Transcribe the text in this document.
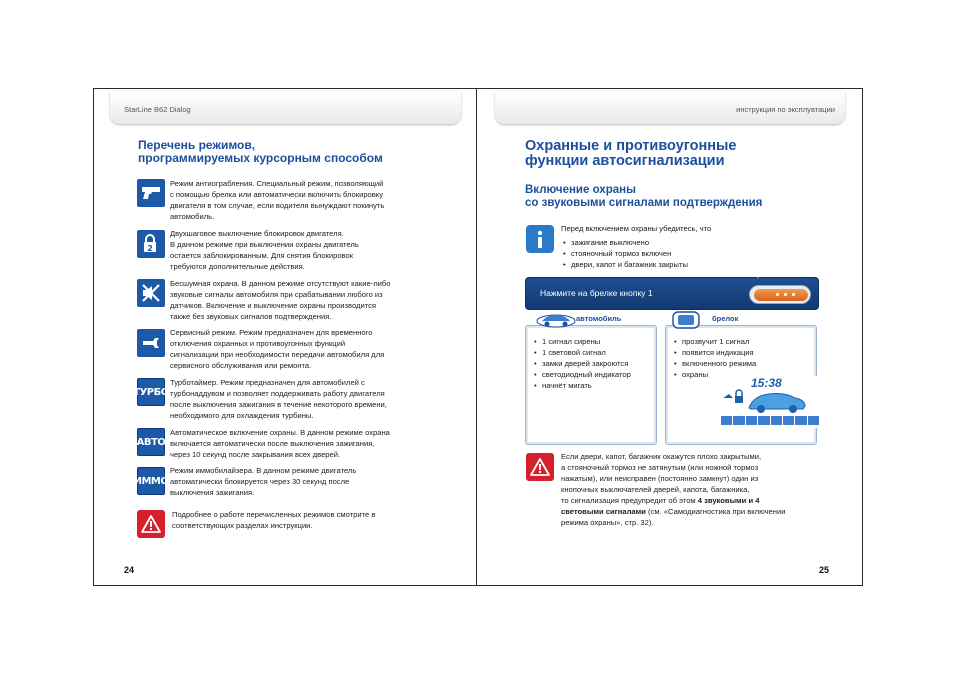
StarLine B62 Dialog	инструкция по эксплуатации
Перечень режимов,
программируемых курсорным способом
Режим антиограбления. Специальный режим, позволяющий
с помощью брелка или автоматически включить блокировку
двигателя в том случае, если водителя вынуждают покинуть
автомобиль.
2
Двухшаговое выключение блокировок двигателя.
В данном режиме при выключении охраны двигатель
остается заблокированным. Для снятия блокировок
требуются дополнительные действия.
Бесшумная охрана. В данном режиме отсутствуют какие-либо
звуковые сигналы автомобиля при срабатывании любого из
датчиков. Включение и выключение охраны производится
также без звуковых сигналов подтверждения.
Сервисный режим. Режим предназначен для временного
отключения охранных и противоугонных функций
сигнализации при необходимости передачи автомобиля для
сервисного обслуживания или ремонта.
ТУРБО
Турботаймер. Режим предназначен для автомобилей с
турбонаддувом и позволяет поддерживать работу двигателя
после выключения зажигания в течение некоторого времени,
необходимого для охлаждения турбины.
АВТО
Автоматическое включение охраны. В данном режиме охрана
включается автоматически после выключения зажигания,
через 10 секунд после закрывания всех дверей.
ИММО
Режим иммобилайзера. В данном режиме двигатель
автоматически блокируется через 30 секунд после
выключения зажигания.
Подробнее о работе перечисленных режимов смотрите в
соответствующих разделах инструкции.
24
Охранные и противоугонные
функции автосигнализации
Включение охраны
со звуковыми сигналами подтверждения
Перед включением охраны убедитесь, что
• зажигание выключено
• стояночный тормоз включен
• двери, капот и багажник закрыты
Нажмите на брелке кнопку 1
автомобиль
• 1 сигнал сирены
• 1 световой сигнал
• замки дверей закроются
• светодиодный индикатор
• начнёт мигать
брелок
• прозвучит 1 сигнал
• появится индикация
• включенного режима
• охраны
15:38
Если двери, капот, багажник окажутся плохо закрытыми,
а стояночный тормоз не затянутым (или ножной тормоз
нажатым), или неисправен (постоянно замкнут) один из
кнопочных выключателей дверей, капота, багажника,
то сигнализация предупредит об этом 4 звуковыми и 4
световыми сигналами (см. «Самодиагностика при включении
режима охраны», стр. 32).
25
